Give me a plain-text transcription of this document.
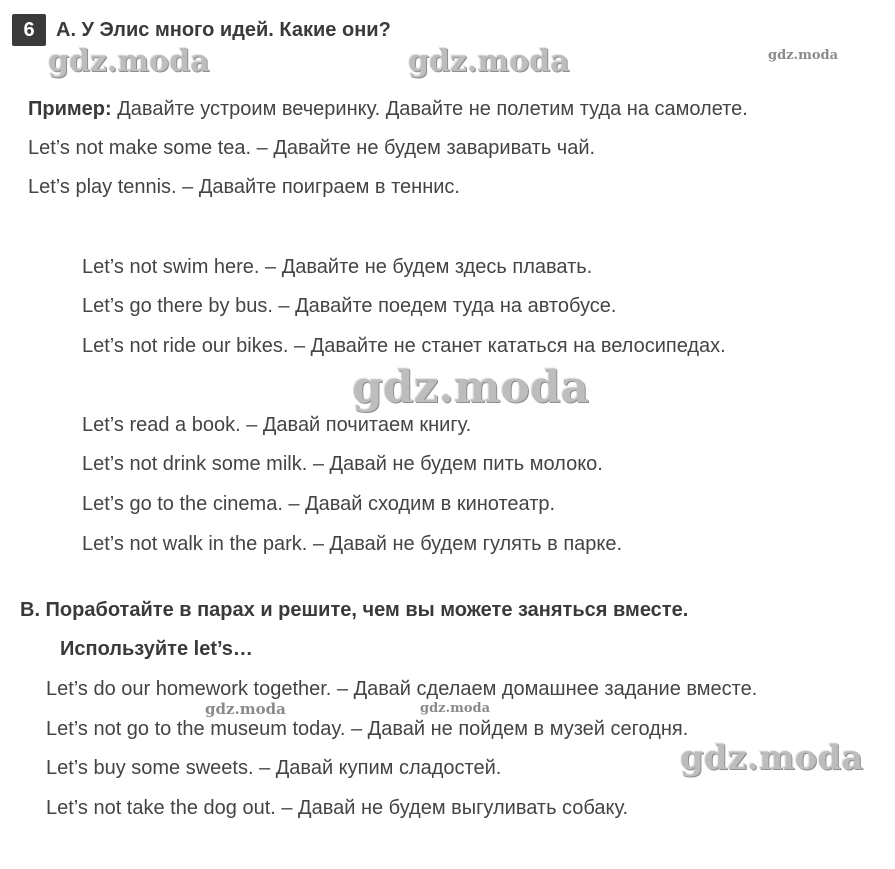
6	А. У Элис много идей. Какие они?
gdz.moda	gdz.moda	gdz.moda
Пример: Давайте устроим вечеринку. Давайте не полетим туда на самолете.
Let’s not make some tea. – Давайте не будем заваривать чай.
Let’s play tennis. – Давайте поиграем в теннис.
Let’s not swim here. – Давайте не будем здесь плавать.
Let’s go there by bus. – Давайте поедем туда на автобусе.
Let’s not ride our bikes. – Давайте не станет кататься на велосипедах.
gdz.moda
Let’s read a book. – Давай почитаем книгу.
Let’s not drink some milk. – Давай не будем пить молоко.
Let’s go to the cinema. – Давай сходим в кинотеатр.
Let’s not walk in the park. – Давай не будем гулять в парке.
В. Поработайте в парах и решите, чем вы можете заняться вместе.
Используйте let’s…
Let’s do our homework together. – Давай сделаем домашнее задание вместе.
gdz.moda	gdz.moda
Let’s not go to the museum today. – Давай не пойдем в музей сегодня.
gdz.moda
Let’s buy some sweets. – Давай купим сладостей.
Let’s not take the dog out. – Давай не будем выгуливать собаку.
